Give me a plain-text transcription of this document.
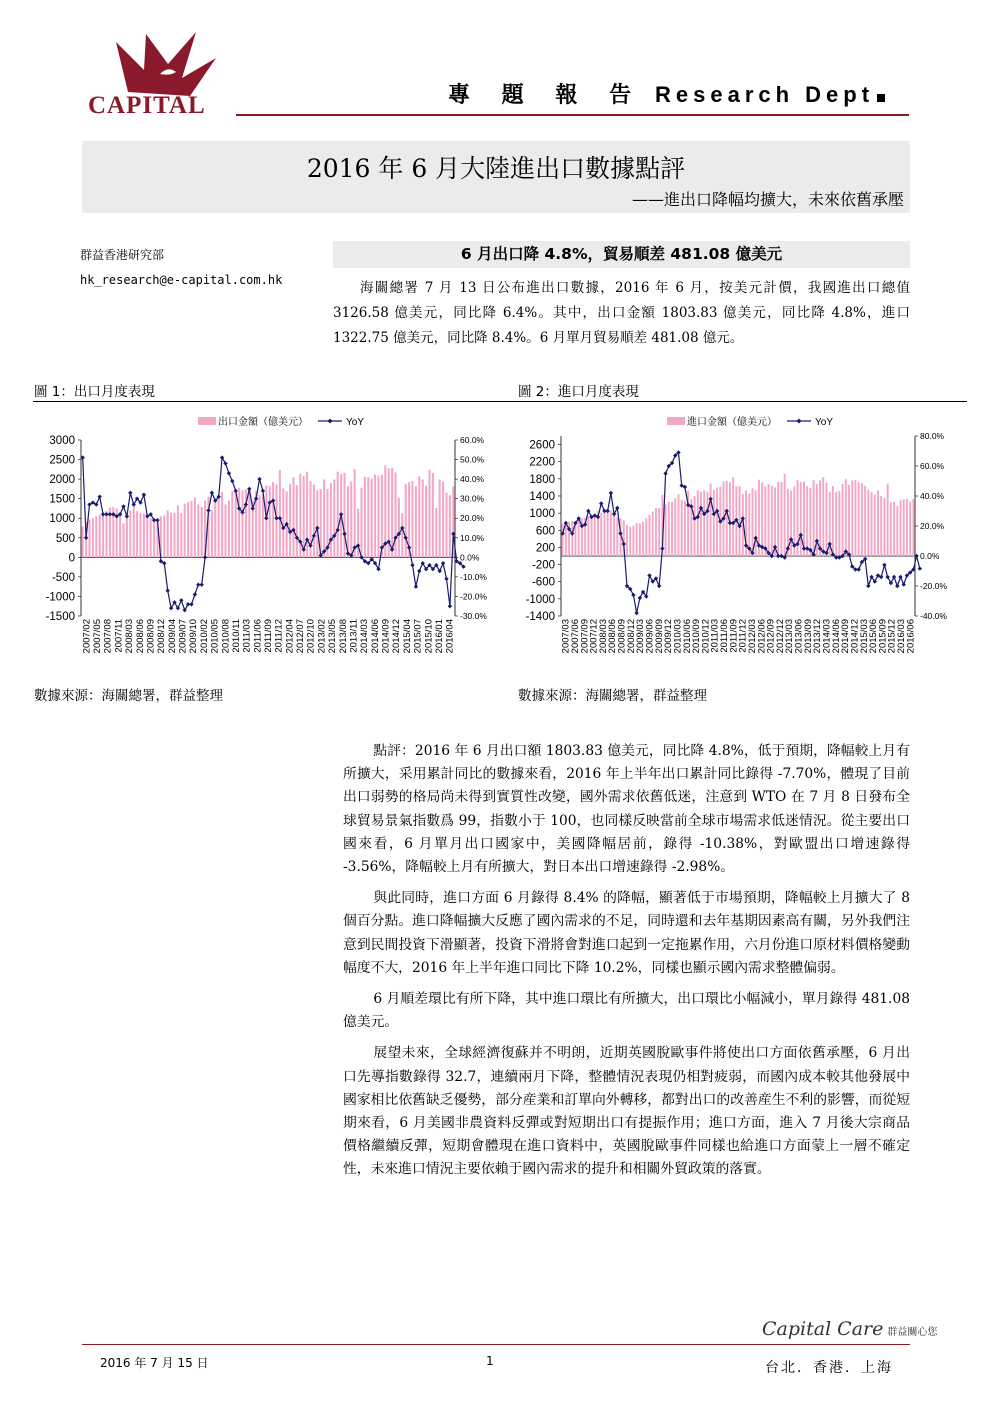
CAPITAL	專 題 報 告 Research Dept
2016 年 6 月大陸進出口數據點評
——進出口降幅均擴大，未來依舊承壓
群益香港研究部
hk_research@e-capital.com.hk
6 月出口降 4.8%，貿易順差 481.08 億美元
海關總署 7 月 13 日公布進出口數據，2016 年 6 月，按美元計價，我國進出口總值 3126.58 億美元，同比降 6.4%。其中，出口金額 1803.83 億美元，同比降 4.8%，進口 1322.75 億美元，同比降 8.4%。6 月單月貿易順差 481.08 億元。
圖 1：出口月度表現	圖 2：進口月度表現
3000
2500
2000
1500
1000
500
0
-500
-1000
-1500
60.0%
50.0%
40.0%
30.0%
20.0%
10.0%
0.0%
-10.0%
-20.0%
-30.0%
2007/02 2007/05 2007/08 2007/11 2008/03 2008/06 2008/09 2008/12 2009/04 2009/07 2009/10 2010/02 2010/05 2010/08 2010/11 2011/03 2011/06 2011/09 2011/12 2012/04 2012/07 2012/10 2013/02 2013/05 2013/08 2013/11 2014/03 2014/06 2014/09 2014/12 2015/04 2015/07 2015/10 2016/01 2016/04
出口金額（億美元）	YoY
2600
2200
1800
1400
1000
600
200
-200
-600
-1000
-1400
80.0%
60.0%
40.0%
20.0%
0.0%
-20.0%
-40.0%
2007/03
2007/06
2007/09
2007/12
2008/03
2008/06
2008/09
2008/12
2009/03
2009/06
2009/09
2009/12
2010/03
2010/06
2010/09
2010/12
2011/03
2011/06
2011/09
2011/12
2012/03
2012/06
2012/09
2012/12
2013/03
2013/06
2013/09
2013/12
2014/03
2014/06
2014/09
2014/12
2015/03
2015/06
2015/09
2015/12
2016/03
2016/06
進口金額（億美元）	YoY
數據來源：海關總署，群益整理	數據來源：海關總署，群益整理

點評：2016 年 6 月出口額 1803.83 億美元，同比降 4.8%，低于預期，降幅較上月有所擴大，采用累計同比的數據來看，2016 年上半年出口累計同比錄得 -7.70%，體現了目前出口弱勢的格局尚未得到實質性改變，國外需求依舊低迷，注意到 WTO 在 7 月 8 日發布全球貿易景氣指數爲 99，指數小于 100，也同樣反映當前全球市場需求低迷情況。從主要出口國來看，6 月單月出口國家中，美國降幅居前，錄得 -10.38%，對歐盟出口增速錄得 -3.56%，降幅較上月有所擴大，對日本出口增速錄得 -2.98%。

與此同時，進口方面 6 月錄得 8.4% 的降幅，顯著低于市場預期，降幅較上月擴大了 8 個百分點。進口降幅擴大反應了國內需求的不足，同時還和去年基期因素高有關，另外我們注意到民間投資下滑顯著，投資下滑將會對進口起到一定拖累作用，六月份進口原材料價格變動幅度不大，2016 年上半年進口同比下降 10.2%，同樣也顯示國內需求整體偏弱。

6 月順差環比有所下降，其中進口環比有所擴大，出口環比小幅減小，單月錄得 481.08 億美元。

展望未來，全球經濟復蘇并不明朗，近期英國脫歐事件將使出口方面依舊承壓，6 月出口先導指數錄得 32.7，連續兩月下降，整體情況表現仍相對疲弱，而國內成本較其他發展中國家相比依舊缺乏優勢，部分産業和訂單向外轉移，都對出口的改善産生不利的影響，而從短期來看，6 月美國非農資料反彈或對短期出口有提振作用；進口方面，進入 7 月後大宗商品價格繼續反彈，短期會體現在進口資料中，英國脫歐事件同樣也給進口方面蒙上一層不確定性，未來進口情況主要依賴于國內需求的提升和相關外貿政策的落實。

Capital Care 群益關心您
2016 年 7 月 15 日	1	台北．香港．上海
